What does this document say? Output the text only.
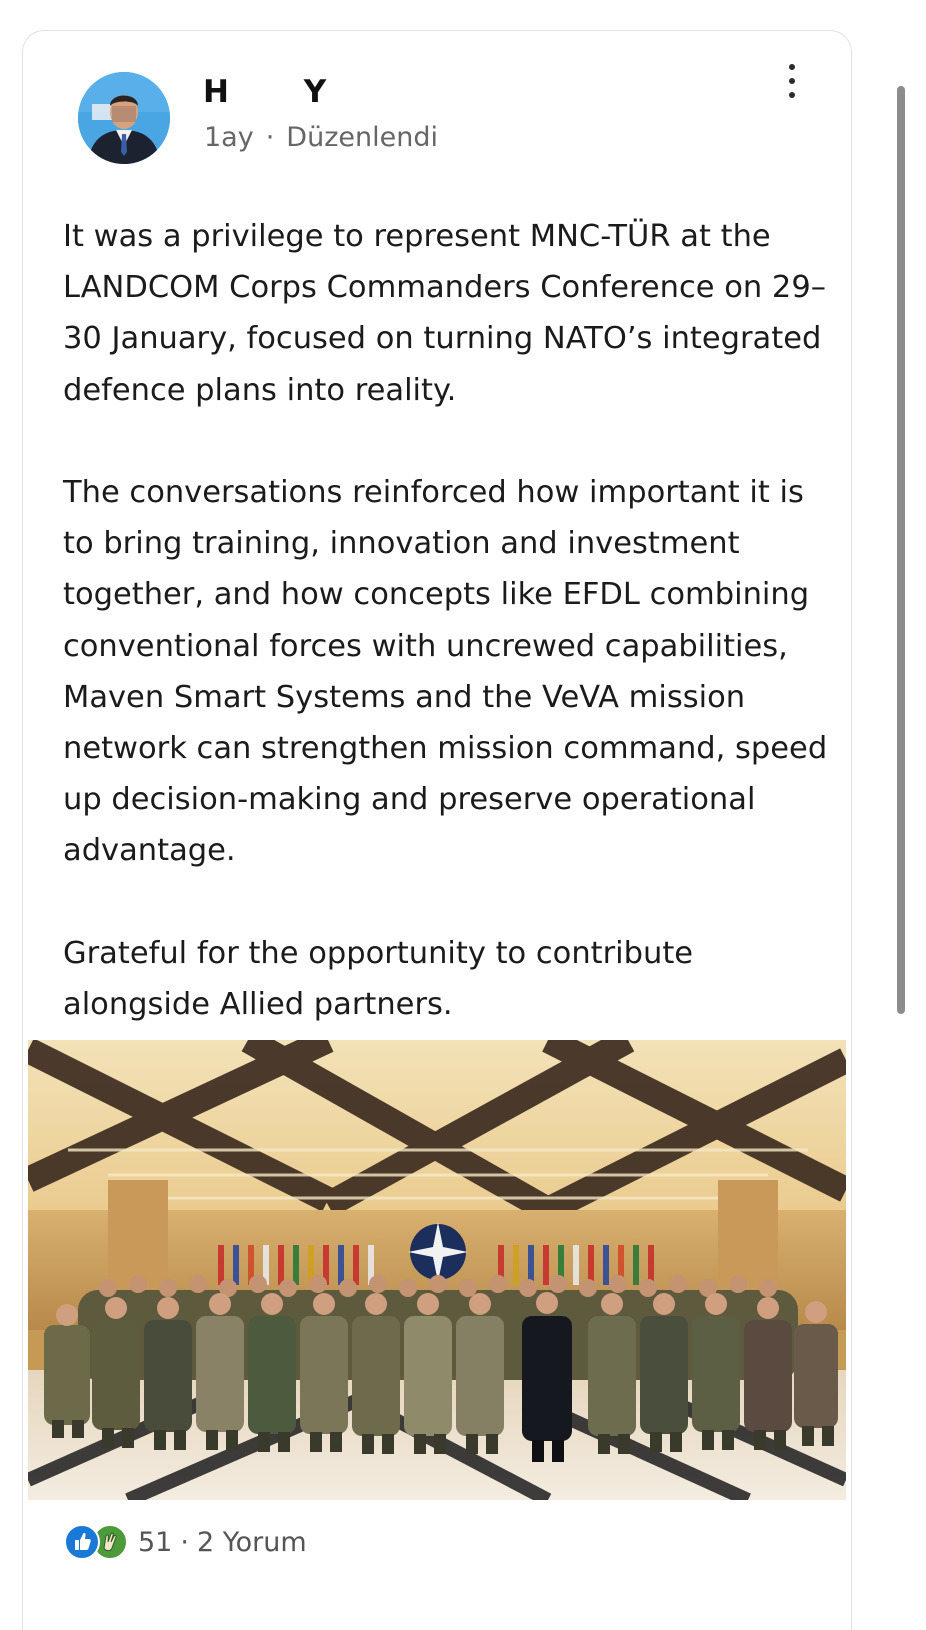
H Y
1ay · Düzenlendi
It was a privilege to represent MNC-TÜR at the LANDCOM Corps Commanders Conference on 29–30 January, focused on turning NATO’s integrated defence plans into reality.

The conversations reinforced how important it is to bring training, innovation and investment together, and how concepts like EFDL combining conventional forces with uncrewed capabilities, Maven Smart Systems and the VeVA mission network can strengthen mission command, speed up decision-making and preserve operational advantage.

Grateful for the opportunity to contribute alongside Allied partners.
51 · 2 Yorum
